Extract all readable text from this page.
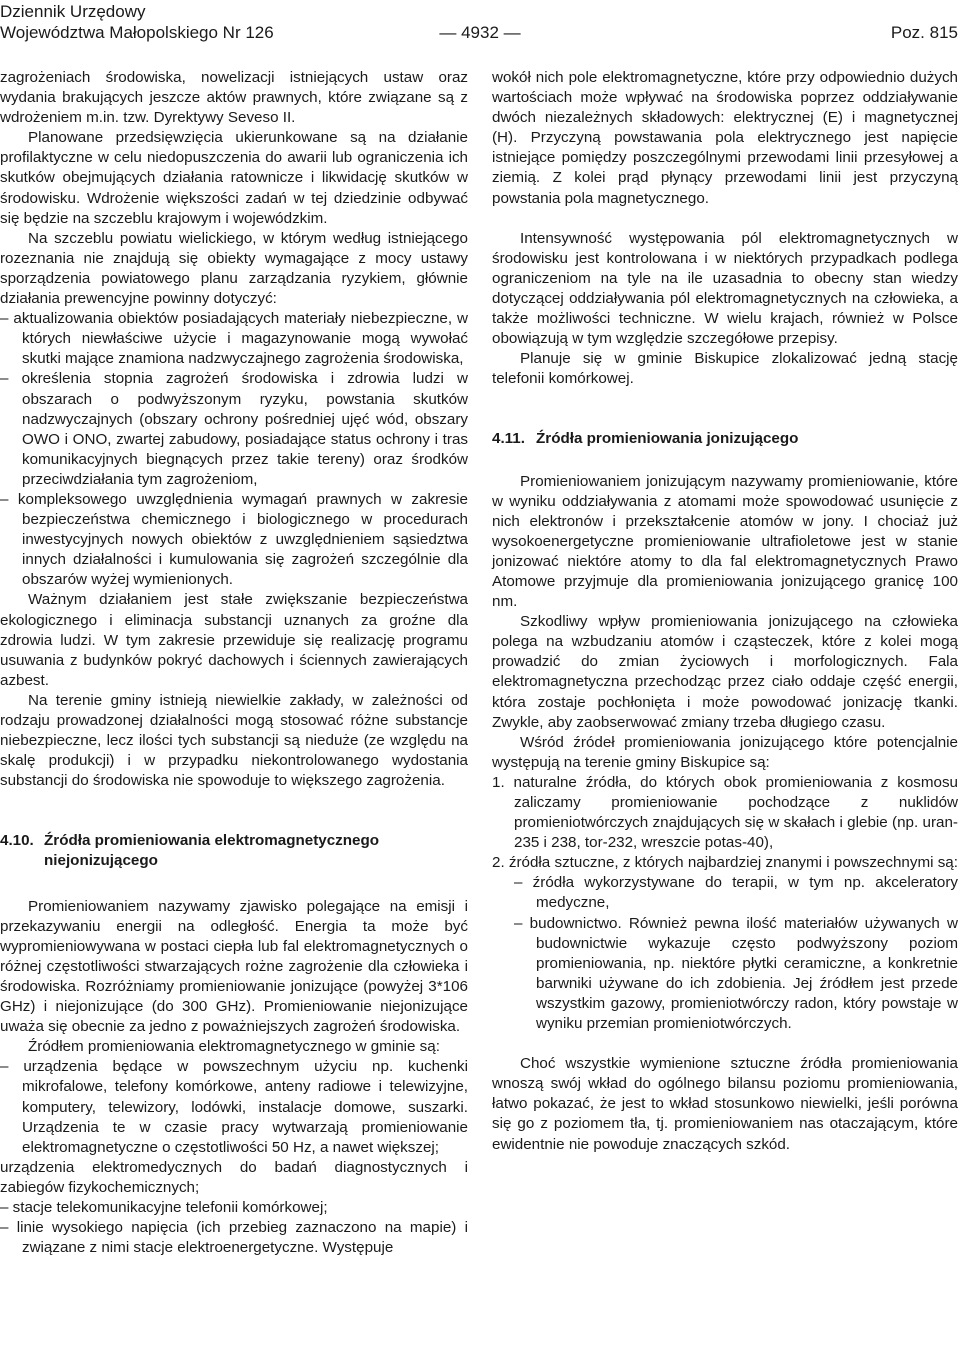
Dziennik Urzędowy
Województwa Małopolskiego Nr 126	— 4932 —	Poz. 815

zagrożeniach środowiska, nowelizacji istniejących ustaw oraz wydania brakujących jeszcze aktów prawnych, które związane są z wdrożeniem m.in. tzw. Dyrektywy Seveso II.

Planowane przedsięwzięcia ukierunkowane są na działanie profilaktyczne w celu niedopuszczenia do awarii lub ograniczenia ich skutków obejmujących działania ratownicze i likwidację skutków w środowisku. Wdrożenie większości zadań w tej dziedzinie odbywać się będzie na szczeblu krajowym i wojewódzkim.

Na szczeblu powiatu wielickiego, w którym według istniejącego rozeznania nie znajdują się obiekty wymagające z mocy ustawy sporządzenia powiatowego planu zarządzania ryzykiem, głównie działania prewencyjne powinny dotyczyć:

– aktualizowania obiektów posiadających materiały niebezpieczne, w których niewłaściwe użycie i magazynowanie mogą wywołać skutki mające znamiona nadzwyczajnego zagrożenia środowiska,

– określenia stopnia zagrożeń środowiska i zdrowia ludzi w obszarach o podwyższonym ryzyku, powstania skutków nadzwyczajnych (obszary ochrony pośredniej ujęć wód, obszary OWO i ONO, zwartej zabudowy, posiadające status ochrony i tras komunikacyjnych biegnących przez takie tereny) oraz środków przeciwdziałania tym zagrożeniom,

– kompleksowego uwzględnienia wymagań prawnych w zakresie bezpieczeństwa chemicznego i biologicznego w procedurach inwestycyjnych nowych obiektów z uwzględnieniem sąsiedztwa innych działalności i kumulowania się zagrożeń szczególnie dla obszarów wyżej wymienionych.

Ważnym działaniem jest stałe zwiększanie bezpieczeństwa ekologicznego i eliminacja substancji uznanych za groźne dla zdrowia ludzi. W tym zakresie przewiduje się realizację programu usuwania z budynków pokryć dachowych i ściennych zawierających azbest.

Na terenie gminy istnieją niewielkie zakłady, w zależności od rodzaju prowadzonej działalności mogą stosować różne substancje niebezpieczne, lecz ilości tych substancji są nieduże (ze względu na skalę produkcji) i w przypadku niekontrolowanego wydostania substancji do środowiska nie spowoduje to większego zagrożenia.

4.10. Źródła promieniowania elektromagnetycznego niejonizującego

Promieniowaniem nazywamy zjawisko polegające na emisji i przekazywaniu energii na odległość. Energia ta może być wypromieniowywana w postaci ciepła lub fal elektromagnetycznych o różnej częstotliwości stwarzających rożne zagrożenie dla człowieka i środowiska. Rozróżniamy promieniowanie jonizujące (powyżej 3*106 GHz) i niejonizujące (do 300 GHz). Promieniowanie niejonizujące uważa się obecnie za jedno z poważniejszych zagrożeń środowiska.

Źródłem promieniowania elektromagnetycznego w gminie są:

– urządzenia będące w powszechnym użyciu np. kuchenki mikrofalowe, telefony komórkowe, anteny radiowe i telewizyjne, komputery, telewizory, lodówki, instalacje domowe, suszarki. Urządzenia te w czasie pracy wytwarzają promieniowanie elektromagnetyczne o częstotliwości 50 Hz, a nawet większej;

urządzenia elektromedycznych do badań diagnostycznych i zabiegów fizykochemicznych;

– stacje telekomunikacyjne telefonii komórkowej;

– linie wysokiego napięcia (ich przebieg zaznaczono na mapie) i związane z nimi stacje elektroenergetyczne. Występuje

wokół nich pole elektromagnetyczne, które przy odpowiednio dużych wartościach może wpływać na środowiska poprzez oddziaływanie dwóch niezależnych składowych: elektrycznej (E) i magnetycznej (H). Przyczyną powstawania pola elektrycznego jest napięcie istniejące pomiędzy poszczególnymi przewodami linii przesyłowej a ziemią. Z kolei prąd płynący przewodami linii jest przyczyną powstania pola magnetycznego.

Intensywność występowania pól elektromagnetycznych w środowisku jest kontrolowana i w niektórych przypadkach podlega ograniczeniom na tyle na ile uzasadnia to obecny stan wiedzy dotyczącej oddziaływania pól elektromagnetycznych na człowieka, a także możliwości techniczne. W wielu krajach, również w Polsce obowiązują w tym względzie szczegółowe przepisy.

Planuje się w gminie Biskupice zlokalizować jedną stację telefonii komórkowej.

4.11. Źródła promieniowania jonizującego

Promieniowaniem jonizującym nazywamy promieniowanie, które w wyniku oddziaływania z atomami może spowodować usunięcie z nich elektronów i przekształcenie atomów w jony. I chociaż już wysokoenergetyczne promieniowanie ultrafioletowe jest w stanie jonizować niektóre atomy to dla fal elektromagnetycznych Prawo Atomowe przyjmuje dla promieniowania jonizującego granicę 100 nm.

Szkodliwy wpływ promieniowania jonizującego na człowieka polega na wzbudzaniu atomów i cząsteczek, które z kolei mogą prowadzić do zmian życiowych i morfologicznych. Fala elektromagnetyczna przechodząc przez ciało oddaje część energii, która zostaje pochłonięta i może powodować jonizację tkanki. Zwykle, aby zaobserwować zmiany trzeba długiego czasu.

Wśród źródeł promieniowania jonizującego które potencjalnie występują na terenie gminy Biskupice są:

1. naturalne źródła, do których obok promieniowania z kosmosu zaliczamy promieniowanie pochodzące z nuklidów promieniotwórczych znajdujących się w skałach i glebie (np. uran-235 i 238, tor-232, wreszcie potas-40),

2. źródła sztuczne, z których najbardziej znanymi i powszechnymi są:

– źródła wykorzystywane do terapii, w tym np. akceleratory medyczne,

– budownictwo. Również pewna ilość materiałów używanych w budownictwie wykazuje często podwyższony poziom promieniowania, np. niektóre płytki ceramiczne, a konkretnie barwniki używane do ich zdobienia. Jej źródłem jest przede wszystkim gazowy, promieniotwórczy radon, który powstaje w wyniku przemian promieniotwórczych.

Choć wszystkie wymienione sztuczne źródła promieniowania wnoszą swój wkład do ogólnego bilansu poziomu promieniowania, łatwo pokazać, że jest to wkład stosunkowo niewielki, jeśli porówna się go z poziomem tła, tj. promieniowaniem nas otaczającym, które ewidentnie nie powoduje znaczących szkód.
